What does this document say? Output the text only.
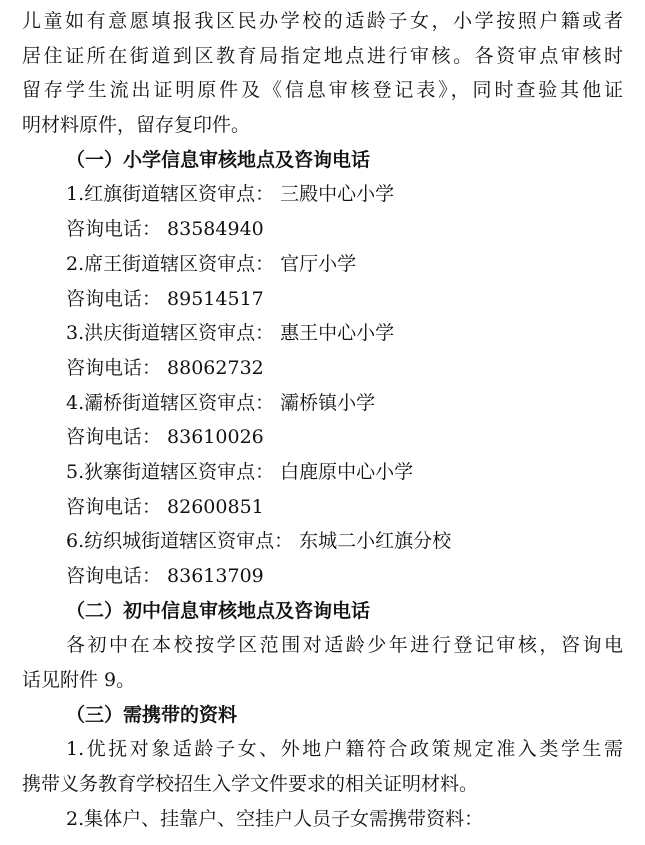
儿童如有意愿填报我区民办学校的适龄子女，小学按照户籍或者
居住证所在街道到区教育局指定地点进行审核。各资审点审核时
留存学生流出证明原件及《信息审核登记表》，同时查验其他证
明材料原件，留存复印件。
（一）小学信息审核地点及咨询电话
1.红旗街道辖区资审点： 三殿中心小学
咨询电话： 83584940
2.席王街道辖区资审点： 官厅小学
咨询电话： 89514517
3.洪庆街道辖区资审点： 惠王中心小学
咨询电话： 88062732
4.灞桥街道辖区资审点： 灞桥镇小学
咨询电话： 83610026
5.狄寨街道辖区资审点： 白鹿原中心小学
咨询电话： 82600851
6.纺织城街道辖区资审点： 东城二小红旗分校
咨询电话： 83613709
（二）初中信息审核地点及咨询电话
各初中在本校按学区范围对适龄少年进行登记审核，咨询电
话见附件 9。
（三）需携带的资料
1.优抚对象适龄子女、外地户籍符合政策规定准入类学生需
携带义务教育学校招生入学文件要求的相关证明材料。
2.集体户、挂靠户、空挂户人员子女需携带资料：
